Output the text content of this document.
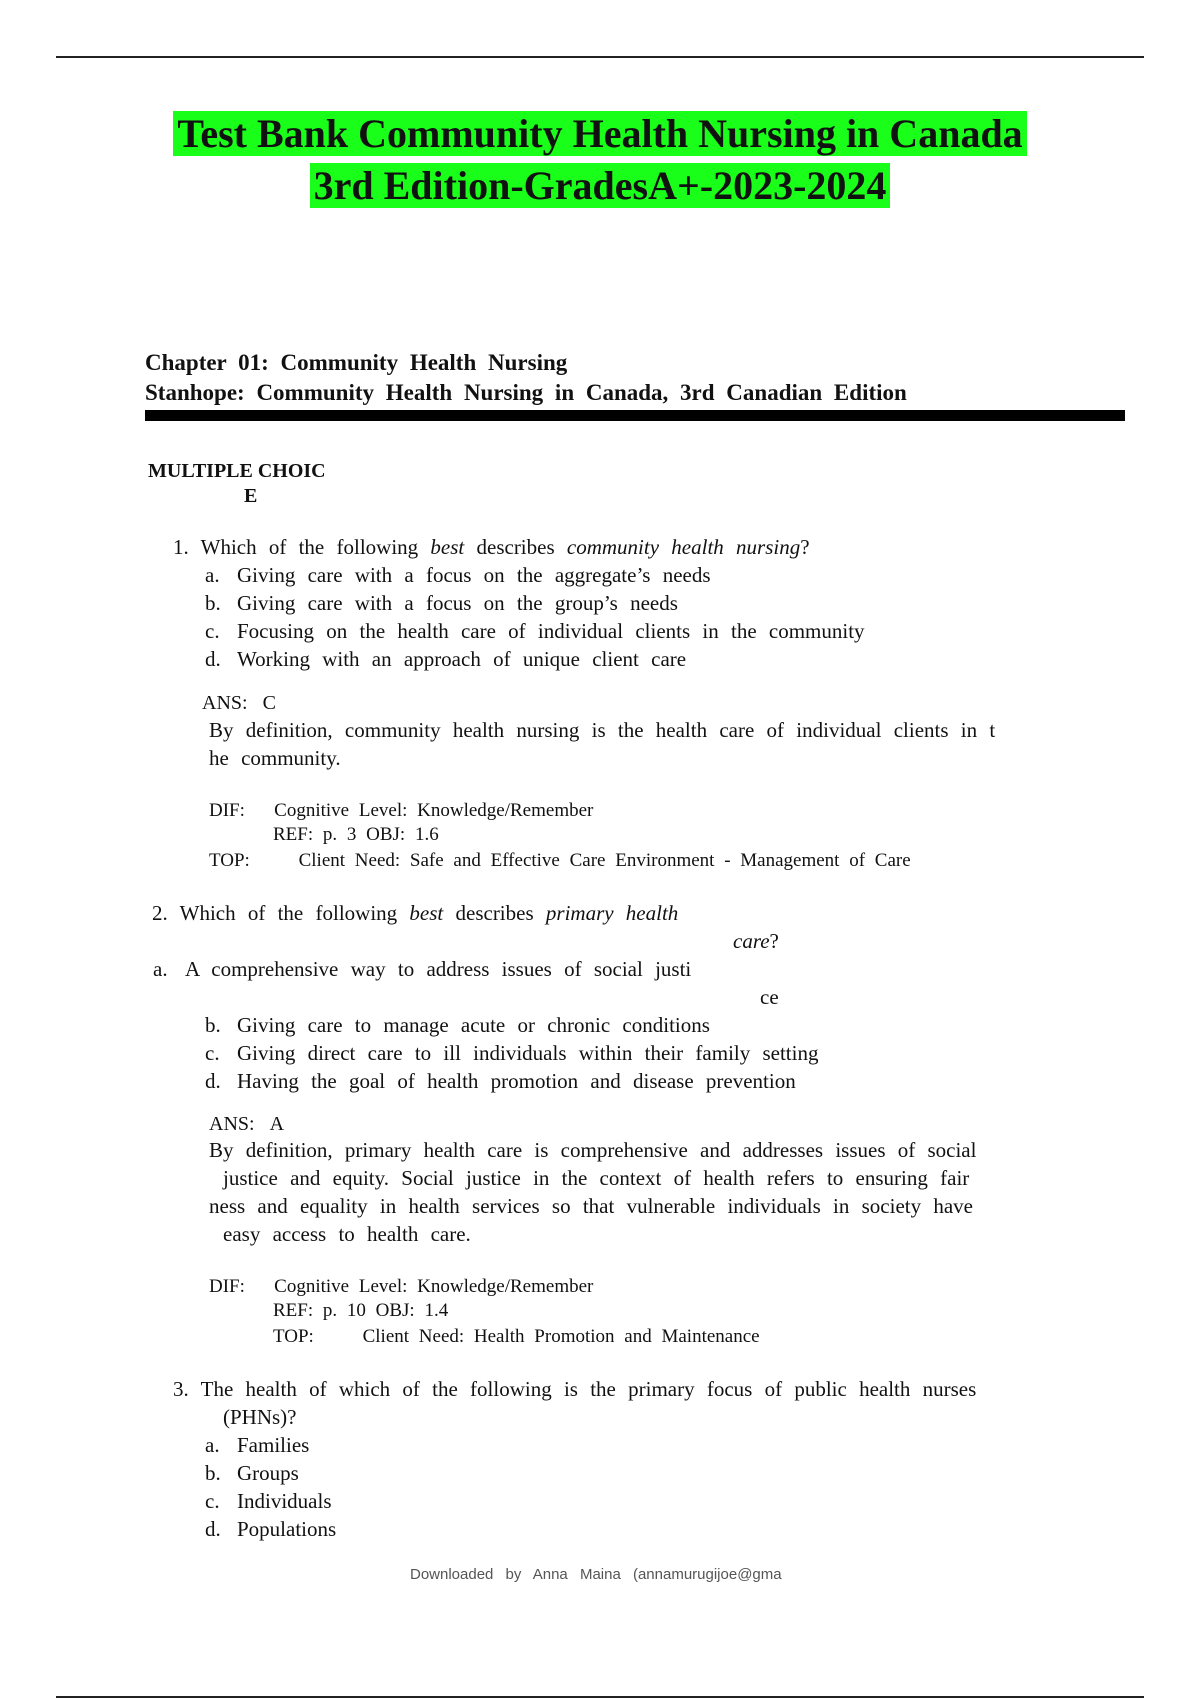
Test Bank Community Health Nursing in Canada
3rd Edition-GradesA+-2023-2024
Chapter 01: Community Health Nursing
Stanhope: Community Health Nursing in Canada, 3rd Canadian Edition
MULTIPLE CHOIC
E
1. Which of the following best describes community health nursing?
a. Giving care with a focus on the aggregate’s needs
b. Giving care with a focus on the group’s needs
c. Focusing on the health care of individual clients in the community
d. Working with an approach of unique client care
ANS: C
By definition, community health nursing is the health care of individual clients in t
he community.
DIF: Cognitive Level: Knowledge/Remember
REF: p. 3 OBJ: 1.6
TOP:	Client Need: Safe and Effective Care Environment - Management of Care
2. Which of the following best describes primary health
care?
a. A comprehensive way to address issues of social justi
ce
b. Giving care to manage acute or chronic conditions
c. Giving direct care to ill individuals within their family setting
d. Having the goal of health promotion and disease prevention
ANS: A
By definition, primary health care is comprehensive and addresses issues of social
justice and equity. Social justice in the context of health refers to ensuring fair
ness and equality in health services so that vulnerable individuals in society have
easy access to health care.
DIF: Cognitive Level: Knowledge/Remember
REF: p. 10 OBJ: 1.4
TOP:	Client Need: Health Promotion and Maintenance
3. The health of which of the following is the primary focus of public health nurses
(PHNs)?
a. Families
b. Groups
c. Individuals
d. Populations
Downloaded by Anna Maina (annamurugijoe@gma
